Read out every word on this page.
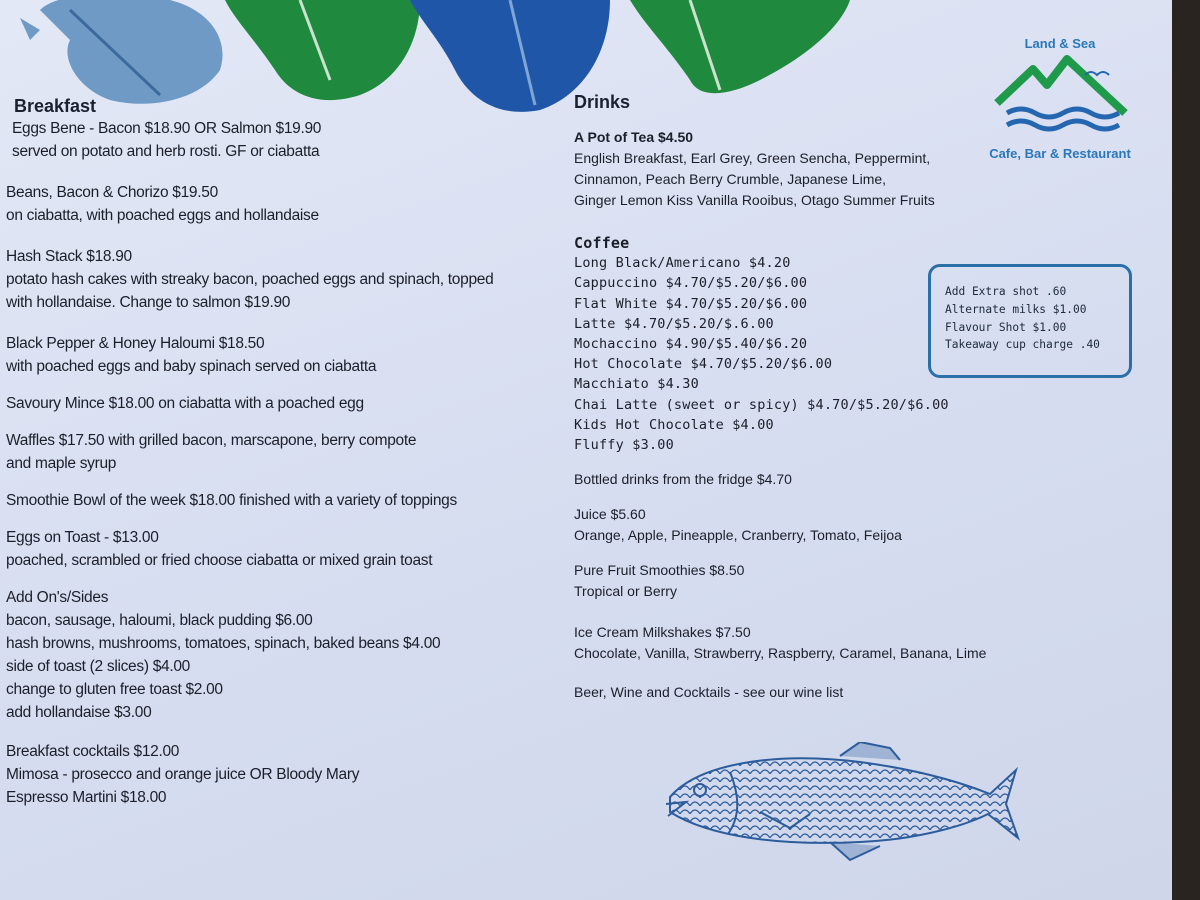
Breakfast
Eggs Bene - Bacon $18.90 OR Salmon $19.90
served on potato and herb rosti. GF or ciabatta
Beans, Bacon & Chorizo $19.50
on ciabatta, with poached eggs and hollandaise
Hash Stack $18.90
potato hash cakes with streaky bacon, poached eggs and spinach, topped
with hollandaise. Change to salmon $19.90
Black Pepper & Honey Haloumi $18.50
with poached eggs and baby spinach served on ciabatta
Savoury Mince $18.00 on ciabatta with a poached egg
Waffles $17.50 with grilled bacon, marscapone, berry compote
and maple syrup
Smoothie Bowl of the week $18.00 finished with a variety of toppings
Eggs on Toast - $13.00
poached, scrambled or fried choose ciabatta or mixed grain toast
Add On's/Sides
bacon, sausage, haloumi, black pudding $6.00
hash browns, mushrooms, tomatoes, spinach, baked beans $4.00
side of toast (2 slices) $4.00
change to gluten free toast $2.00
add hollandaise $3.00
Breakfast cocktails $12.00
Mimosa - prosecco and orange juice OR Bloody Mary
Espresso Martini $18.00
Drinks
A Pot of Tea $4.50
English Breakfast, Earl Grey, Green Sencha, Peppermint,
Cinnamon, Peach Berry Crumble, Japanese Lime,
Ginger Lemon Kiss Vanilla Rooibus, Otago Summer Fruits
Coffee
Long Black/Americano $4.20
Cappuccino $4.70/$5.20/$6.00
Flat White $4.70/$5.20/$6.00
Latte $4.70/$5.20/$.6.00
Mochaccino $4.90/$5.40/$6.20
Hot Chocolate $4.70/$5.20/$6.00
Macchiato $4.30
Chai Latte (sweet or spicy) $4.70/$5.20/$6.00
Kids Hot Chocolate $4.00
Fluffy $3.00
Bottled drinks from the fridge $4.70
Juice $5.60
Orange, Apple, Pineapple, Cranberry, Tomato, Feijoa
Pure Fruit Smoothies $8.50
Tropical or Berry
Ice Cream Milkshakes $7.50
Chocolate, Vanilla, Strawberry, Raspberry, Caramel, Banana, Lime
Beer, Wine and Cocktails - see our wine list
Land & Sea
Cafe, Bar & Restaurant
Add Extra shot .60
Alternate milks $1.00
Flavour Shot $1.00
Takeaway cup charge .40
